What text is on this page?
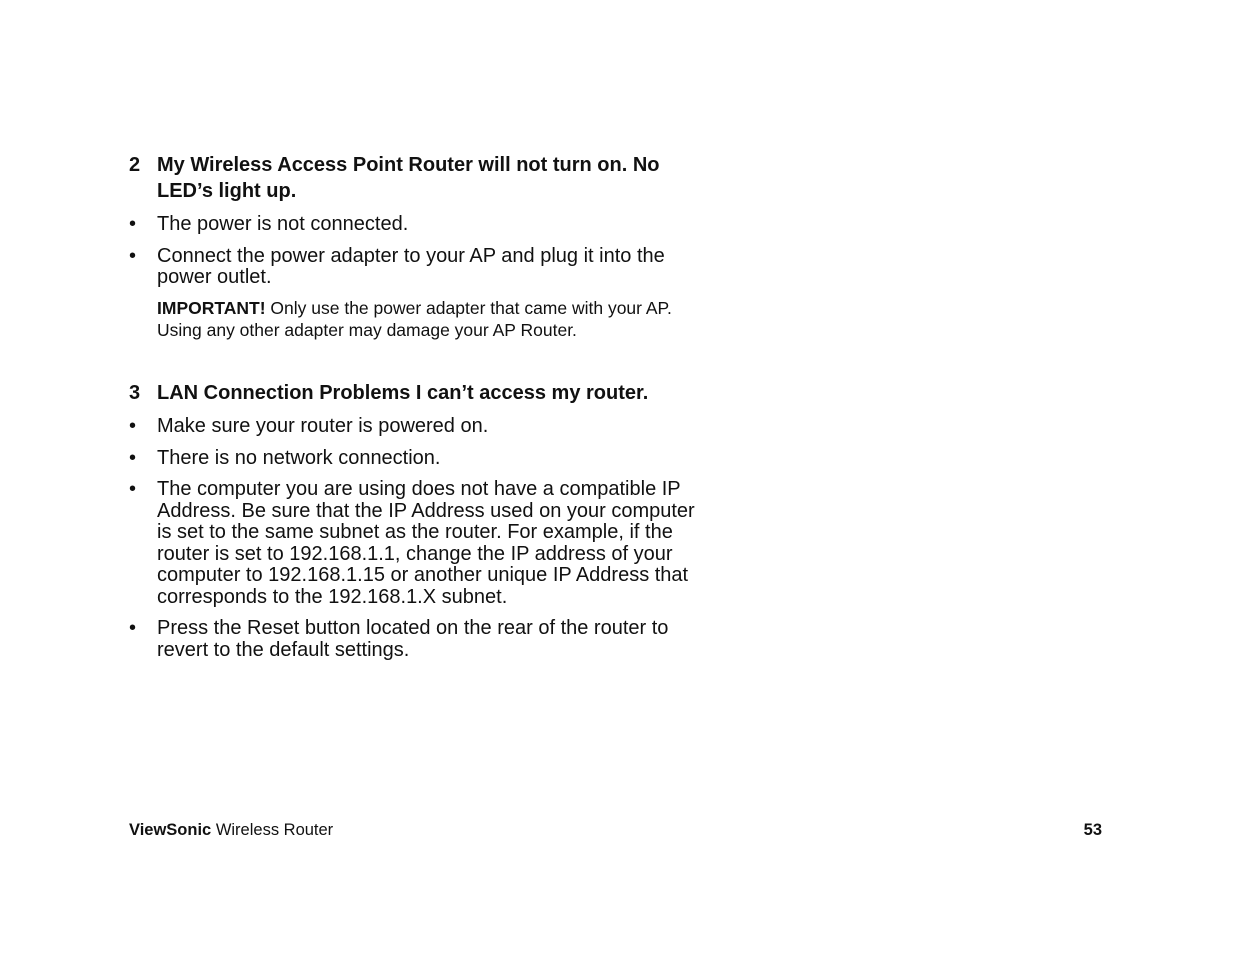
2 My Wireless Access Point Router will not turn on. No LED’s light up.
• The power is not connected.
• Connect the power adapter to your AP and plug it into the power outlet.
IMPORTANT! Only use the power adapter that came with your AP. Using any other adapter may damage your AP Router.
3 LAN Connection Problems I can’t access my router.
• Make sure your router is powered on.
• There is no network connection.
• The computer you are using does not have a compatible IP Address. Be sure that the IP Address used on your computer is set to the same subnet as the router. For example, if the router is set to 192.168.1.1, change the IP address of your computer to 192.168.1.15 or another unique IP Address that corresponds to the 192.168.1.X subnet.
• Press the Reset button located on the rear of the router to revert to the default settings.
ViewSonic Wireless Router	53
